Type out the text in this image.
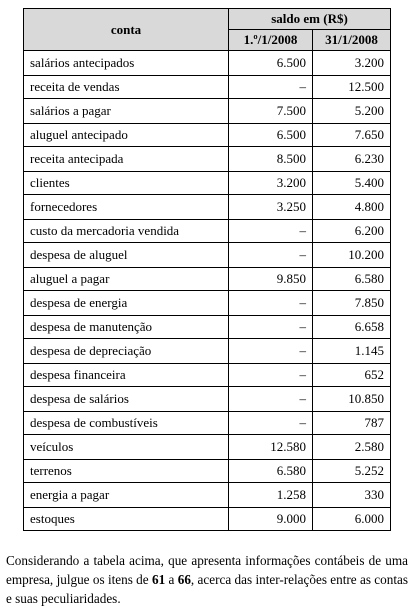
conta	saldo em (R$)	
	1.º/1/2008	31/1/2008
salários antecipados	6.500	3.200
receita de vendas	–	12.500
salários a pagar	7.500	5.200
aluguel antecipado	6.500	7.650
receita antecipada	8.500	6.230
clientes	3.200	5.400
fornecedores	3.250	4.800
custo da mercadoria vendida	–	6.200
despesa de aluguel	–	10.200
aluguel a pagar	9.850	6.580
despesa de energia	–	7.850
despesa de manutenção	–	6.658
despesa de depreciação	–	1.145
despesa financeira	–	652
despesa de salários	–	10.850
despesa de combustíveis	–	787
veículos	12.580	2.580
terrenos	6.580	5.252
energia a pagar	1.258	330
estoques	9.000	6.000

Considerando a tabela acima, que apresenta informações contábeis de uma empresa, julgue os itens de 61 a 66, acerca das inter-relações entre as contas e suas peculiaridades.
